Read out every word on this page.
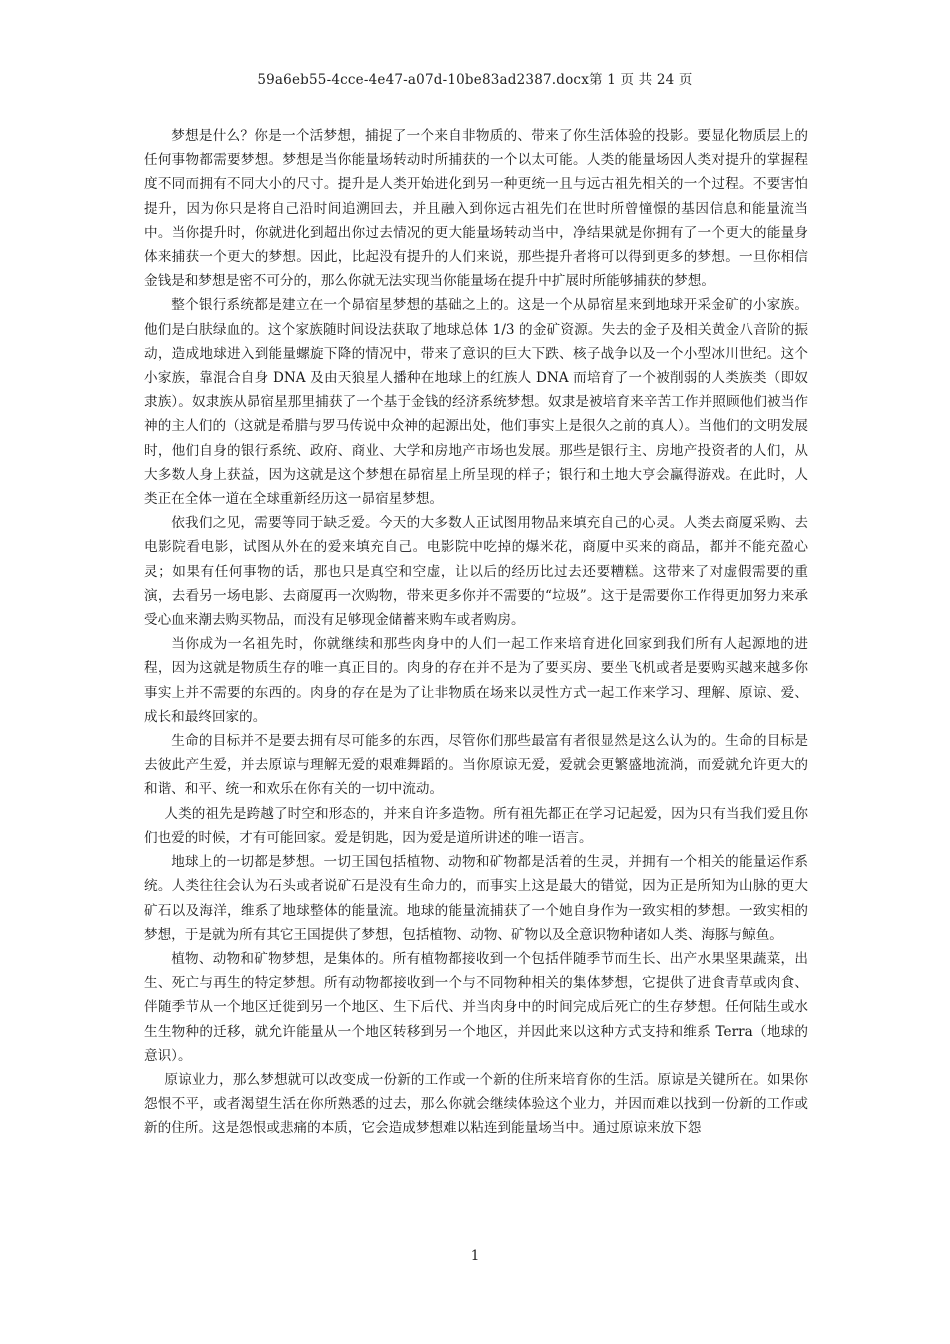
59a6eb55-4cce-4e47-a07d-10be83ad2387.docx第 1 页 共 24 页

梦想是什么？你是一个活梦想，捕捉了一个来自非物质的、带来了你生活体验的投影。要显化物质层上的任何事物都需要梦想。梦想是当你能量场转动时所捕获的一个以太可能。人类的能量场因人类对提升的掌握程度不同而拥有不同大小的尺寸。提升是人类开始进化到另一种更统一且与远古祖先相关的一个过程。不要害怕提升，因为你只是将自己沿时间追溯回去，并且融入到你远古祖先们在世时所曾憧憬的基因信息和能量流当中。当你提升时，你就进化到超出你过去情况的更大能量场转动当中，净结果就是你拥有了一个更大的能量身体来捕获一个更大的梦想。因此，比起没有提升的人们来说，那些提升者将可以得到更多的梦想。一旦你相信金钱是和梦想是密不可分的，那么你就无法实现当你能量场在提升中扩展时所能够捕获的梦想。

整个银行系统都是建立在一个昴宿星梦想的基础之上的。这是一个从昴宿星来到地球开采金矿的小家族。他们是白肤绿血的。这个家族随时间设法获取了地球总体 1/3 的金矿资源。失去的金子及相关黄金八音阶的振动，造成地球进入到能量螺旋下降的情况中，带来了意识的巨大下跌、核子战争以及一个小型冰川世纪。这个小家族，靠混合自身 DNA 及由天狼星人播种在地球上的红族人 DNA 而培育了一个被削弱的人类族类（即奴隶族）。奴隶族从昴宿星那里捕获了一个基于金钱的经济系统梦想。奴隶是被培育来辛苦工作并照顾他们被当作神的主人们的（这就是希腊与罗马传说中众神的起源出处，他们事实上是很久之前的真人）。当他们的文明发展时，他们自身的银行系统、政府、商业、大学和房地产市场也发展。那些是银行主、房地产投资者的人们，从大多数人身上获益，因为这就是这个梦想在昴宿星上所呈现的样子；银行和土地大亨会赢得游戏。在此时，人类正在全体一道在全球重新经历这一昴宿星梦想。

依我们之见，需要等同于缺乏爱。今天的大多数人正试图用物品来填充自己的心灵。人类去商厦采购、去电影院看电影，试图从外在的爱来填充自己。电影院中吃掉的爆米花，商厦中买来的商品，都并不能充盈心灵；如果有任何事物的话，那也只是真空和空虚，让以后的经历比过去还要糟糕。这带来了对虚假需要的重演，去看另一场电影、去商厦再一次购物，带来更多你并不需要的“垃圾”。这于是需要你工作得更加努力来承受心血来潮去购买物品，而没有足够现金储蓄来购车或者购房。

当你成为一名祖先时，你就继续和那些肉身中的人们一起工作来培育进化回家到我们所有人起源地的进程，因为这就是物质生存的唯一真正目的。肉身的存在并不是为了要买房、要坐飞机或者是要购买越来越多你事实上并不需要的东西的。肉身的存在是为了让非物质在场来以灵性方式一起工作来学习、理解、原谅、爱、成长和最终回家的。

生命的目标并不是要去拥有尽可能多的东西，尽管你们那些最富有者很显然是这么认为的。生命的目标是去彼此产生爱，并去原谅与理解无爱的艰难舞蹈的。当你原谅无爱，爱就会更繁盛地流淌，而爱就允许更大的和谐、和平、统一和欢乐在你有关的一切中流动。

人类的祖先是跨越了时空和形态的，并来自许多造物。所有祖先都正在学习记起爱，因为只有当我们爱且你们也爱的时候，才有可能回家。爱是钥匙，因为爱是道所讲述的唯一语言。

地球上的一切都是梦想。一切王国包括植物、动物和矿物都是活着的生灵，并拥有一个相关的能量运作系统。人类往往会认为石头或者说矿石是没有生命力的，而事实上这是最大的错觉，因为正是所知为山脉的更大矿石以及海洋，维系了地球整体的能量流。地球的能量流捕获了一个她自身作为一致实相的梦想。一致实相的梦想，于是就为所有其它王国提供了梦想，包括植物、动物、矿物以及全意识物种诸如人类、海豚与鲸鱼。

植物、动物和矿物梦想，是集体的。所有植物都接收到一个包括伴随季节而生长、出产水果坚果蔬菜，出生、死亡与再生的特定梦想。所有动物都接收到一个与不同物种相关的集体梦想，它提供了进食青草或肉食、伴随季节从一个地区迁徙到另一个地区、生下后代、并当肉身中的时间完成后死亡的生存梦想。任何陆生或水生生物种的迁移，就允许能量从一个地区转移到另一个地区，并因此来以这种方式支持和维系 Terra（地球的意识）。

原谅业力，那么梦想就可以改变成一份新的工作或一个新的住所来培育你的生活。原谅是关键所在。如果你怨恨不平，或者渴望生活在你所熟悉的过去，那么你就会继续体验这个业力，并因而难以找到一份新的工作或新的住所。这是怨恨或悲痛的本质，它会造成梦想难以粘连到能量场当中。通过原谅来放下怨

1
